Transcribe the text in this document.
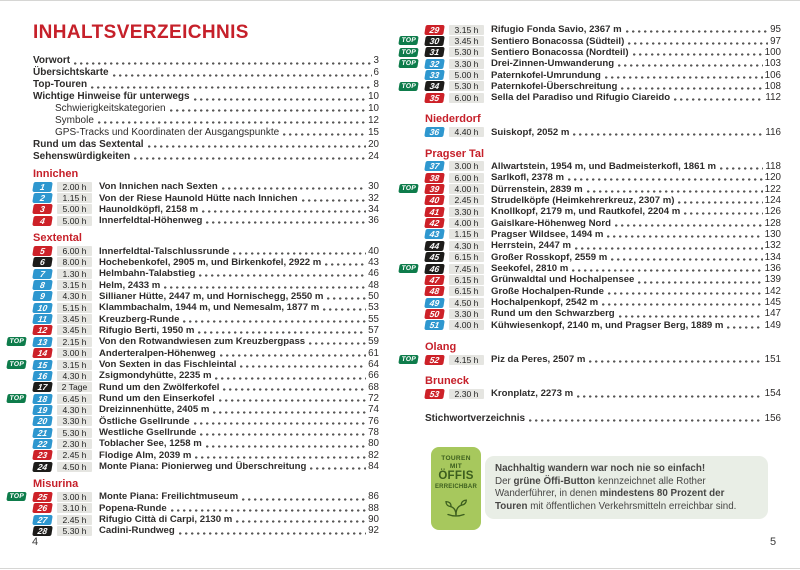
INHALTSVERZEICHNIS
Vorwort	3
Übersichtskarte	6
Top-Touren	8
Wichtige Hinweise für unterwegs	10
Schwierigkeitskategorien	10
Symbole	12
GPS-Tracks und Koordinaten der Ausgangspunkte	15
Rund um das Sextental	20
Sehenswürdigkeiten	24
Innichen
1	2.00 h	Von Innichen nach Sexten	30
2	1.15 h	Von der Riese Haunold Hütte nach Innichen	32
3	5.00 h	Haunoldköpfl, 2158 m	34
4	5.00 h	Innerfeldtal-Höhenweg	36
Sextental
5	6.00 h	Innerfeldtal-Talschlussrunde	40
6	8.00 h	Hochebenkofel, 2905 m, und Birkenkofel, 2922 m	43
7	1.30 h	Helmbahn-Talabstieg	46
8	3.15 h	Helm, 2433 m	48
9	4.30 h	Sillianer Hütte, 2447 m, und Hornischegg, 2550 m	50
10	5.15 h	Klammbachalm, 1944 m, und Nemesalm, 1877 m	53
11	3.45 h	Kreuzberg-Runde	55
12	3.45 h	Rifugio Berti, 1950 m	57
TOP	13	2.15 h	Von den Rotwandwiesen zum Kreuzbergpass	59
14	3.00 h	Anderteralpen-Höhenweg	61
TOP	15	3.15 h	Von Sexten in das Fischleintal	64
16	4.30 h	Zsigmondyhütte, 2235 m	66
17	2 Tage	Rund um den Zwölferkofel	68
TOP	18	6.45 h	Rund um den Einserkofel	72
19	4.30 h	Dreizinnenhütte, 2405 m	74
20	3.30 h	Östliche Gsellrunde	76
21	5.30 h	Westliche Gsellrunde	78
22	2.30 h	Toblacher See, 1258 m	80
23	2.45 h	Flodige Alm, 2039 m	82
24	4.50 h	Monte Piana: Pionierweg und Überschreitung	84
Misurina
TOP	25	3.00 h	Monte Piana: Freilichtmuseum	86
26	3.10 h	Popena-Runde	88
27	2.45 h	Rifugio Città di Carpi, 2130 m	90
28	5.30 h	Cadini-Rundweg	92
29	3.15 h	Rifugio Fonda Savio, 2367 m	95
TOP	30	3.45 h	Sentiero Bonacossa (Südteil)	97
TOP	31	5.30 h	Sentiero Bonacossa (Nordteil)	100
TOP	32	3.30 h	Drei-Zinnen-Umwanderung	103
33	5.00 h	Paternkofel-Umrundung	106
TOP	34	5.30 h	Paternkofel-Überschreitung	108
35	6.00 h	Sella del Paradiso und Rifugio Ciareido	112
Niederdorf
36	4.40 h	Suiskopf, 2052 m	116
Pragser Tal
37	3.00 h	Allwartstein, 1954 m, und Badmeisterkofl, 1861 m	118
38	6.00 h	Sarlkofl, 2378 m	120
TOP	39	4.00 h	Dürrenstein, 2839 m	122
40	2.45 h	Strudelköpfe (Heimkehrerkreuz, 2307 m)	124
41	3.30 h	Knollkopf, 2179 m, und Rautkofel, 2204 m	126
42	4.00 h	Gaislkare-Höhenweg Nord	128
43	1.15 h	Pragser Wildsee, 1494 m	130
44	4.30 h	Herrstein, 2447 m	132
45	6.15 h	Großer Rosskopf, 2559 m	134
TOP	46	7.45 h	Seekofel, 2810 m	136
47	6.15 h	Grünwaldtal und Hochalpensee	139
48	6.15 h	Große Hochalpen-Runde	142
49	4.50 h	Hochalpenkopf, 2542 m	145
50	3.30 h	Rund um den Schwarzberg	147
51	4.00 h	Kühwiesenkopf, 2140 m, und Pragser Berg, 1889 m	149
Olang
TOP	52	4.15 h	Piz da Peres, 2507 m	151
Bruneck
53	2.30 h	Kronplatz, 2273 m	154
Stichwortverzeichnis	156
TOUREN
MIT
ÖFFIS
ERREICHBAR
Nachhaltig wandern war noch nie so einfach!
Der grüne Öffi-Button kennzeichnet alle Rother Wanderführer, in denen mindestens 80 Prozent der Touren mit öffentlichen Verkehrsmitteln erreichbar sind.
4	5
